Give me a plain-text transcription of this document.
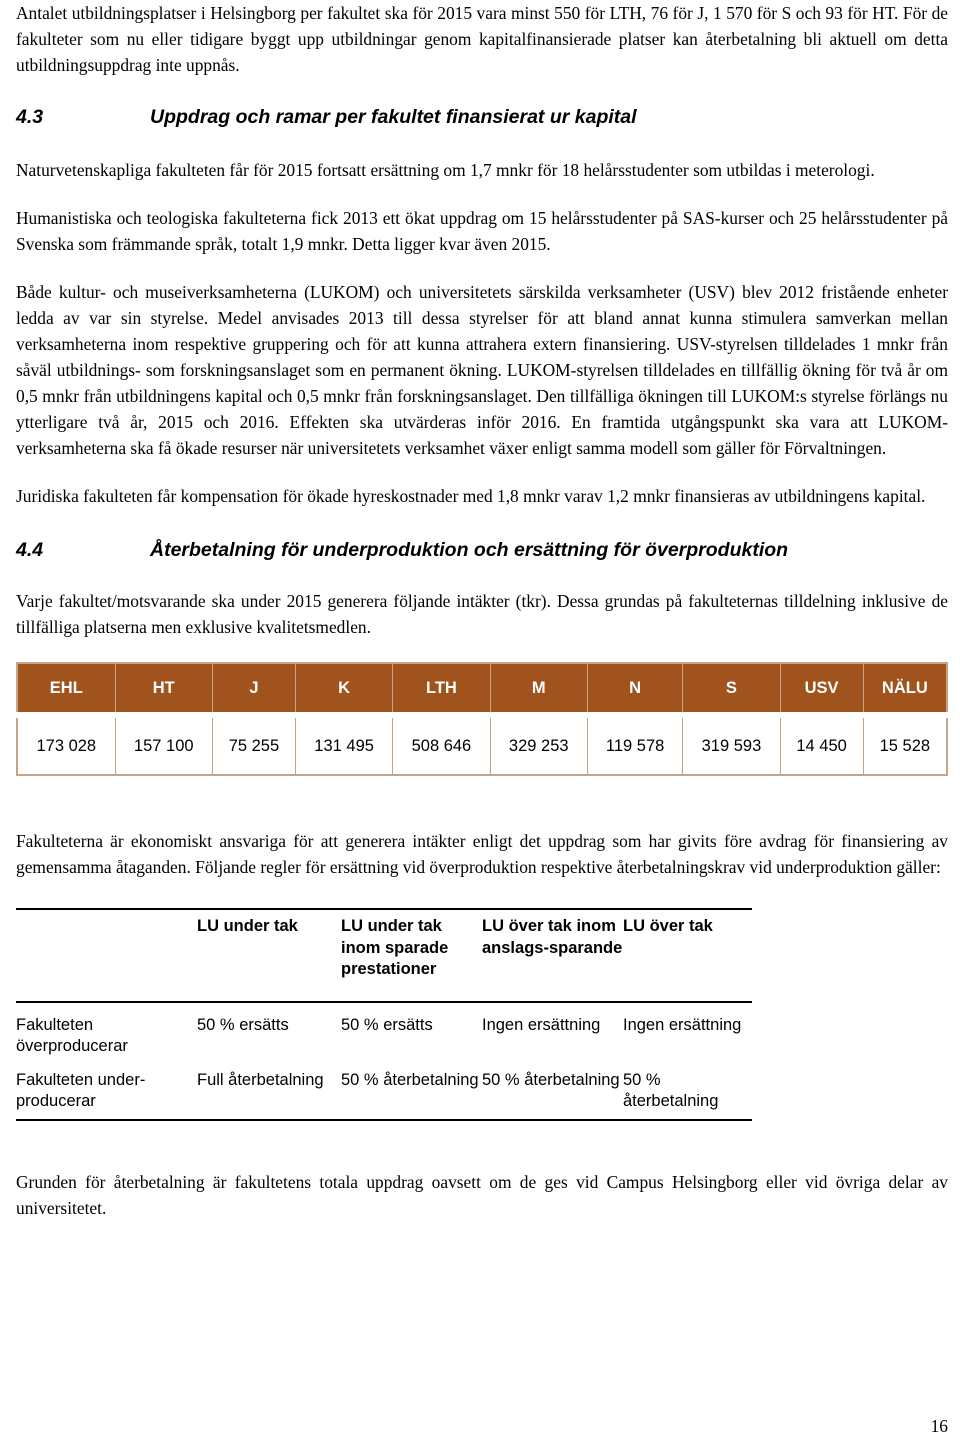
Antalet utbildningsplatser i Helsingborg per fakultet ska för 2015 vara minst 550 för LTH, 76 för J, 1 570 för S och 93 för HT. För de fakulteter som nu eller tidigare byggt upp utbildningar genom kapitalfinansierade platser kan återbetalning bli aktuell om detta utbildningsuppdrag inte uppnås.

4.3	Uppdrag och ramar per fakultet finansierat ur kapital

Naturvetenskapliga fakulteten får för 2015 fortsatt ersättning om 1,7 mnkr för 18 helårsstudenter som utbildas i meterologi.

Humanistiska och teologiska fakulteterna fick 2013 ett ökat uppdrag om 15 helårsstudenter på SAS-kurser och 25 helårsstudenter på Svenska som främmande språk, totalt 1,9 mnkr. Detta ligger kvar även 2015.

Både kultur- och museiverksamheterna (LUKOM) och universitetets särskilda verksamheter (USV) blev 2012 fristående enheter ledda av var sin styrelse. Medel anvisades 2013 till dessa styrelser för att bland annat kunna stimulera samverkan mellan verksamheterna inom respektive gruppering och för att kunna attrahera extern finansiering. USV-styrelsen tilldelades 1 mnkr från såväl utbildnings- som forskningsanslaget som en permanent ökning. LUKOM-styrelsen tilldelades en tillfällig ökning för två år om 0,5 mnkr från utbildningens kapital och 0,5 mnkr från forskningsanslaget. Den tillfälliga ökningen till LUKOM:s styrelse förlängs nu ytterligare två år, 2015 och 2016. Effekten ska utvärderas inför 2016. En framtida utgångspunkt ska vara att LUKOM-verksamheterna ska få ökade resurser när universitetets verksamhet växer enligt samma modell som gäller för Förvaltningen.

Juridiska fakulteten får kompensation för ökade hyreskostnader med 1,8 mnkr varav 1,2 mnkr finansieras av utbildningens kapital.

4.4	Återbetalning för underproduktion och ersättning för överproduktion

Varje fakultet/motsvarande ska under 2015 generera följande intäkter (tkr). Dessa grundas på fakulteternas tilldelning inklusive de tillfälliga platserna men exklusive kvalitetsmedlen.

EHL	HT	J	K	LTH	M	N	S	USV	NÄLU
173 028	157 100	75 255	131 495	508 646	329 253	119 578	319 593	14 450	15 528

Fakulteterna är ekonomiskt ansvariga för att generera intäkter enligt det uppdrag som har givits före avdrag för finansiering av gemensamma åtaganden. Följande regler för ersättning vid överproduktion respektive återbetalningskrav vid underproduktion gäller:

	LU under tak	LU under tak inom sparade prestationer	LU över tak inom anslags-sparande	LU över tak
Fakulteten överproducerar	50 % ersätts	50 % ersätts	Ingen ersättning	Ingen ersättning
Fakulteten under-producerar	Full återbetalning	50 % återbetalning	50 % återbetalning	50 % återbetalning

Grunden för återbetalning är fakultetens totala uppdrag oavsett om de ges vid Campus Helsingborg eller vid övriga delar av universitetet.

16
